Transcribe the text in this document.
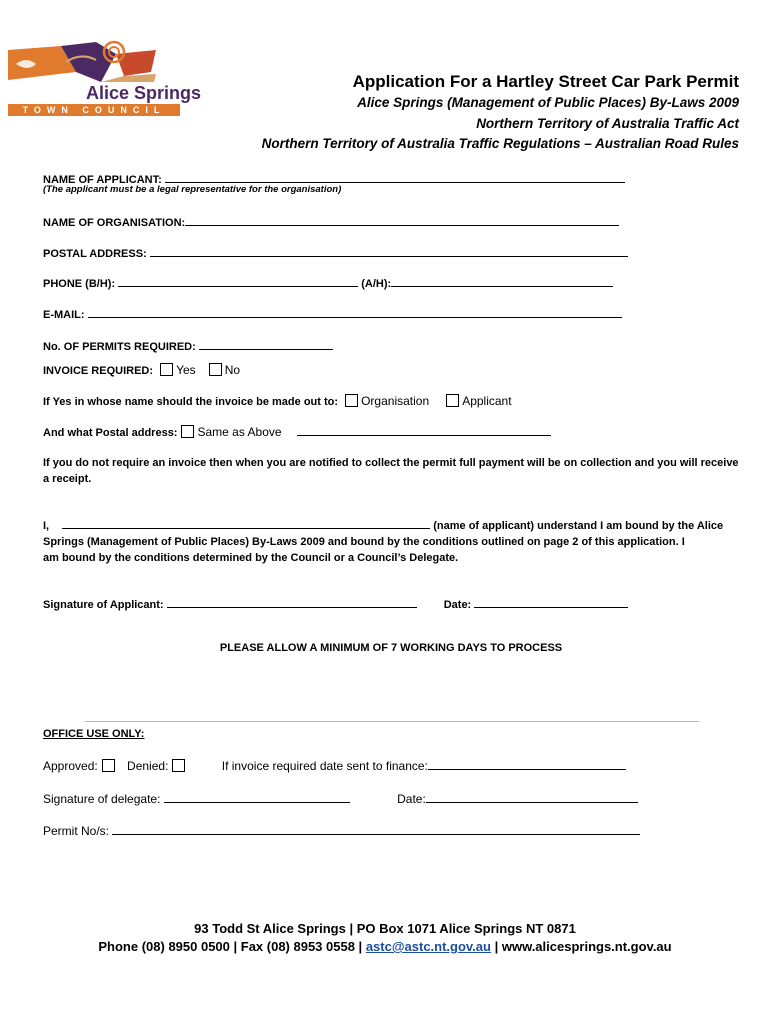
Alice Springs
TOWN COUNCIL
Application For a Hartley Street Car Park Permit
Alice Springs (Management of Public Places) By-Laws 2009
Northern Territory of Australia Traffic Act
Northern Territory of Australia Traffic Regulations – Australian Road Rules
NAME OF APPLICANT:
(The applicant must be a legal representative for the organisation)
NAME OF ORGANISATION:
POSTAL ADDRESS:
PHONE (B/H):	(A/H):
E-MAIL:
No. OF PERMITS REQUIRED:
INVOICE REQUIRED: Yes No
If Yes in whose name should the invoice be made out to: Organisation	Applicant
And what Postal address: Same as Above
If you do not require an invoice then when you are notified to collect the permit full payment will be on collection and you will receive a receipt.
I,	(name of applicant) understand I am bound by the Alice
Springs (Management of Public Places) By-Laws 2009 and bound by the conditions outlined on page 2 of this application. I
am bound by the conditions determined by the Council or a Council’s Delegate.
Signature of Applicant:	Date:
PLEASE ALLOW A MINIMUM OF 7 WORKING DAYS TO PROCESS
OFFICE USE ONLY:
Approved: Denied:	If invoice required date sent to finance:
Signature of delegate:	Date:
Permit No/s:
93 Todd St Alice Springs | PO Box 1071 Alice Springs NT 0871
Phone (08) 8950 0500 | Fax (08) 8953 0558 | astc@astc.nt.gov.au | www.alicesprings.nt.gov.au
